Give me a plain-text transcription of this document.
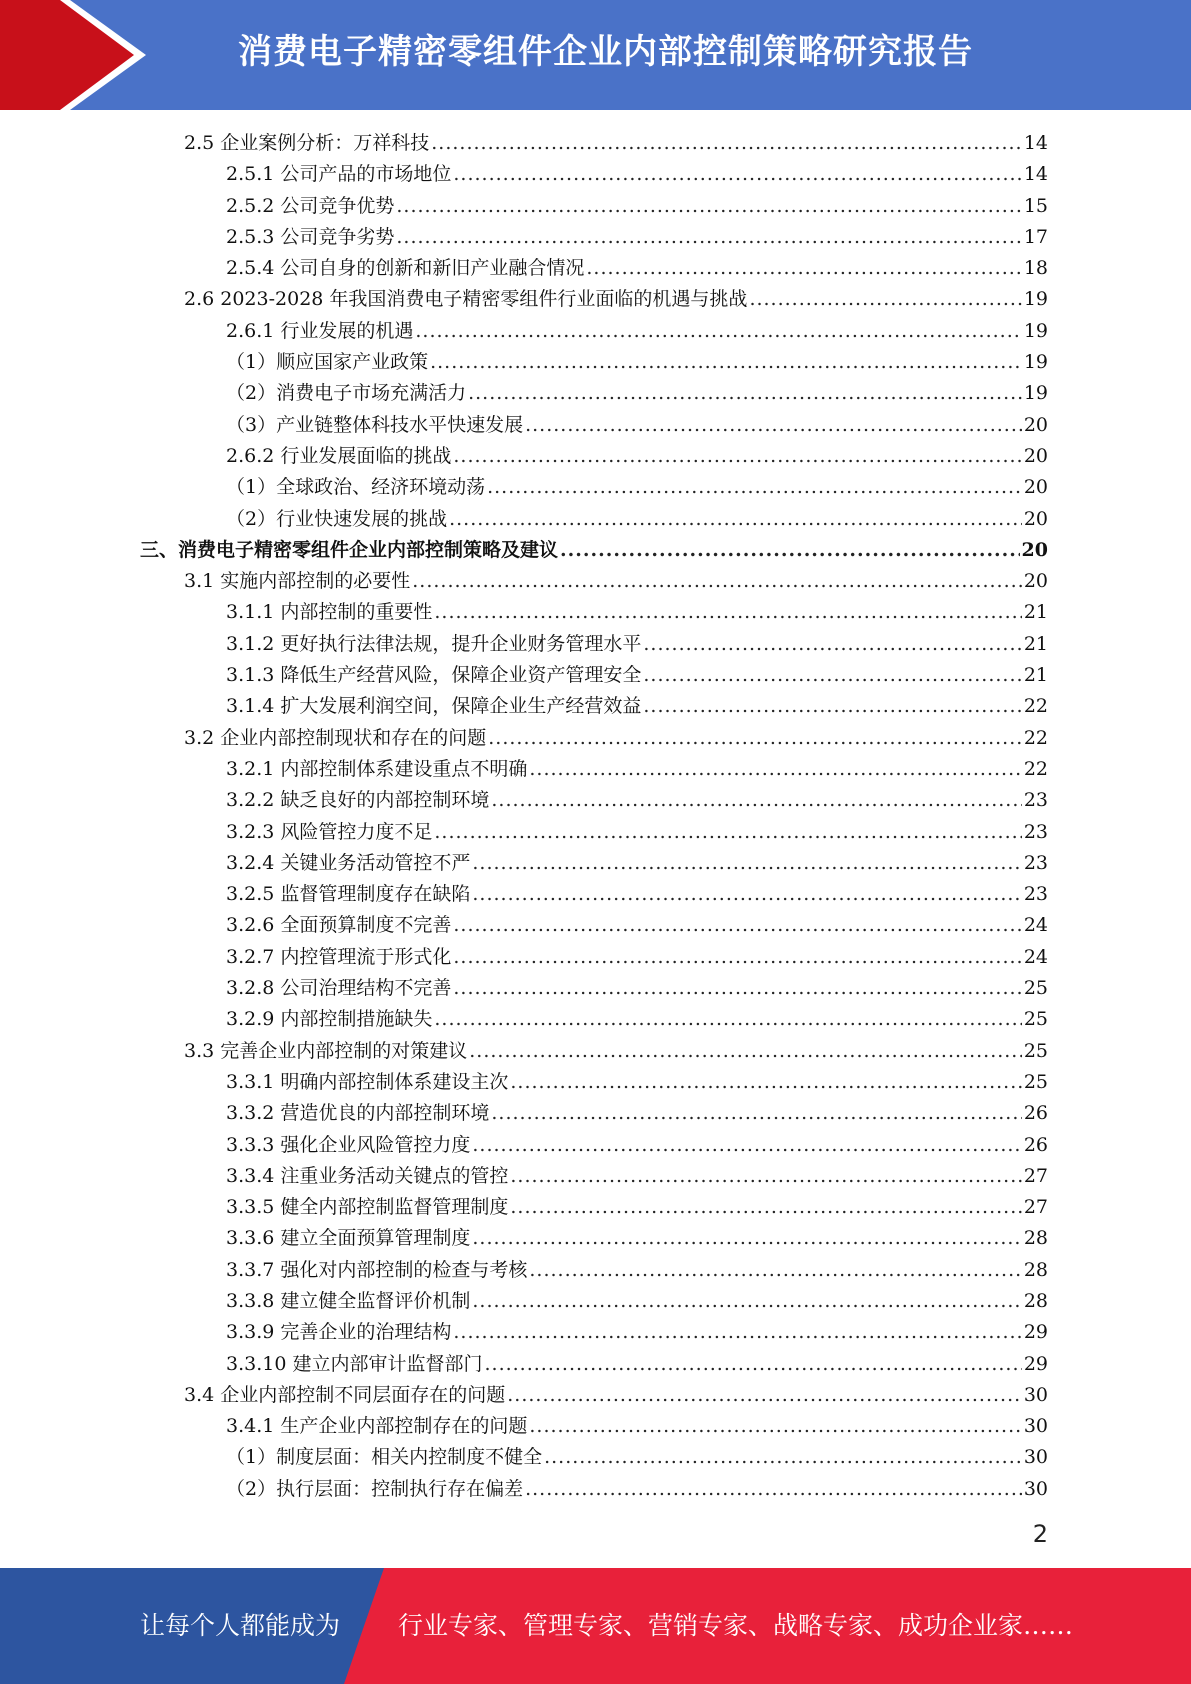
消费电子精密零组件企业内部控制策略研究报告
2.5 企业案例分析：万祥科技 .....	14
2.5.1 公司产品的市场地位 .....	14
2.5.2 公司竞争优势 .....	15
2.5.3 公司竞争劣势 .....	17
2.5.4 公司自身的创新和新旧产业融合情况 .....	18
2.6 2023-2028 年我国消费电子精密零组件行业面临的机遇与挑战 .....	19
2.6.1 行业发展的机遇 .....	19
（1）顺应国家产业政策 .....	19
（2）消费电子市场充满活力 .....	19
（3）产业链整体科技水平快速发展 .....	20
2.6.2 行业发展面临的挑战 .....	20
（1）全球政治、经济环境动荡 .....	20
（2）行业快速发展的挑战 .....	20
三、消费电子精密零组件企业内部控制策略及建议 .....	20
3.1 实施内部控制的必要性 .....	20
3.1.1 内部控制的重要性 .....	21
3.1.2 更好执行法律法规，提升企业财务管理水平 .....	21
3.1.3 降低生产经营风险，保障企业资产管理安全 .....	21
3.1.4 扩大发展利润空间，保障企业生产经营效益 .....	22
3.2 企业内部控制现状和存在的问题 .....	22
3.2.1 内部控制体系建设重点不明确 .....	22
3.2.2 缺乏良好的内部控制环境 .....	23
3.2.3 风险管控力度不足 .....	23
3.2.4 关键业务活动管控不严 .....	23
3.2.5 监督管理制度存在缺陷 .....	23
3.2.6 全面预算制度不完善 .....	24
3.2.7 内控管理流于形式化 .....	24
3.2.8 公司治理结构不完善 .....	25
3.2.9 内部控制措施缺失 .....	25
3.3 完善企业内部控制的对策建议 .....	25
3.3.1 明确内部控制体系建设主次 .....	25
3.3.2 营造优良的内部控制环境 .....	26
3.3.3 强化企业风险管控力度 .....	26
3.3.4 注重业务活动关键点的管控 .....	27
3.3.5 健全内部控制监督管理制度 .....	27
3.3.6 建立全面预算管理制度 .....	28
3.3.7 强化对内部控制的检查与考核 .....	28
3.3.8 建立健全监督评价机制 .....	28
3.3.9 完善企业的治理结构 .....	29
3.3.10 建立内部审计监督部门 .....	29
3.4 企业内部控制不同层面存在的问题 .....	30
3.4.1 生产企业内部控制存在的问题 .....	30
（1）制度层面：相关内控制度不健全 .....	30
（2）执行层面：控制执行存在偏差 .....	30
2
让每个人都能成为 行业专家、管理专家、营销专家、战略专家、成功企业家……
